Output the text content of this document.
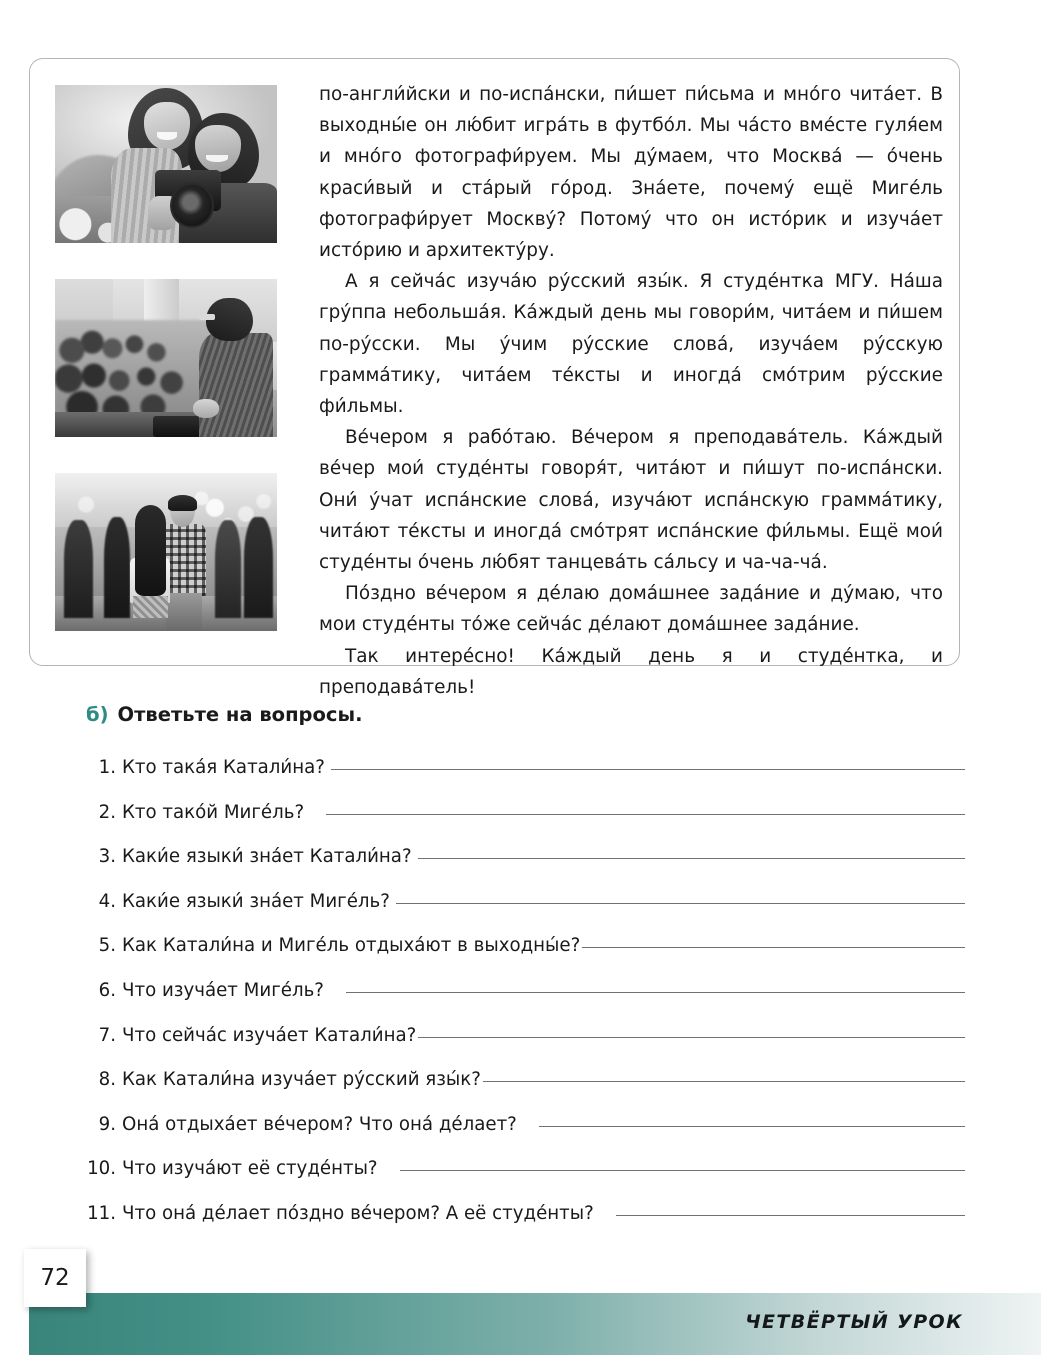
по-англи́йски и по-испа́нски, пи́шет пи́сьма и мно́го чита́ет. В выходны́е он лю́бит игра́ть в футбо́л. Мы ча́сто вме́сте гуля́ем и мно́го фотографи́руем. Мы ду́маем, что Москва́ — о́чень краси́вый и ста́рый го́род. Зна́ете, почему́ ещё Миге́ль фотографи́рует Москву́? Потому́ что он исто́рик и изуча́ет исто́рию и архитекту́ру.

А я сейча́с изуча́ю ру́сский язы́к. Я студе́нтка МГУ. На́ша гру́ппа небольша́я. Ка́ждый день мы говори́м, чита́ем и пи́шем по-ру́сски. Мы у́чим ру́сские слова́, изуча́ем ру́сскую грамма́тику, чита́ем те́ксты и иногда́ смо́трим ру́сские фи́льмы.

Ве́чером я рабо́таю. Ве́чером я преподава́тель. Ка́ждый ве́чер мои́ студе́нты говоря́т, чита́ют и пи́шут по-испа́нски. Они́ у́чат испа́нские слова́, изуча́ют испа́нскую грамма́тику, чита́ют те́ксты и иногда́ смо́трят испа́нские фи́льмы. Ещё мои́ студе́нты о́чень лю́бят танцева́ть са́льсу и ча-ча-ча́.

По́здно ве́чером я де́лаю дома́шнее зада́ние и ду́маю, что мои студе́нты то́же сейча́с де́лают дома́шнее зада́ние.

Так интере́сно! Ка́ждый день я и студе́нтка, и преподава́тель!

б) Ответьте на вопросы.
1. Кто така́я Катали́на?
2. Кто тако́й Миге́ль?
3. Каки́е языки́ зна́ет Катали́на?
4. Каки́е языки́ зна́ет Миге́ль?
5. Как Катали́на и Миге́ль отдыха́ют в выходны́е?
6. Что изуча́ет Миге́ль?
7. Что сейча́с изуча́ет Катали́на?
8. Как Катали́на изуча́ет ру́сский язы́к?
9. Она́ отдыха́ет ве́чером? Что она́ де́лает?
10. Что изуча́ют её студе́нты?
11. Что она́ де́лает по́здно ве́чером? А её студе́нты?
ЧЕТВЁРТЫЙ УРОК
72
